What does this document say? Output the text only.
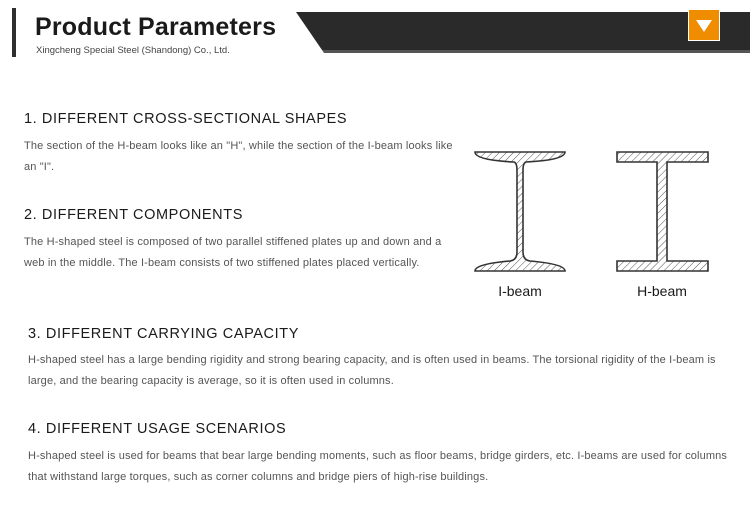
Product Parameters
Xingcheng Special Steel (Shandong) Co., Ltd.
1. DIFFERENT CROSS-SECTIONAL SHAPES

The section of the H-beam looks like an "H", while the section of the I-beam looks like an "I".

2. DIFFERENT COMPONENTS

The H-shaped steel is composed of two parallel stiffened plates up and down and a web in the middle. The I-beam consists of two stiffened plates placed vertically.

I-beam	H-beam
3. DIFFERENT CARRYING CAPACITY

H-shaped steel has a large bending rigidity and strong bearing capacity, and is often used in beams. The torsional rigidity of the I-beam is large, and the bearing capacity is average, so it is often used in columns.

4. DIFFERENT USAGE SCENARIOS

H-shaped steel is used for beams that bear large bending moments, such as floor beams, bridge girders, etc. I-beams are used for columns that withstand large torques, such as corner columns and bridge piers of high-rise buildings.
